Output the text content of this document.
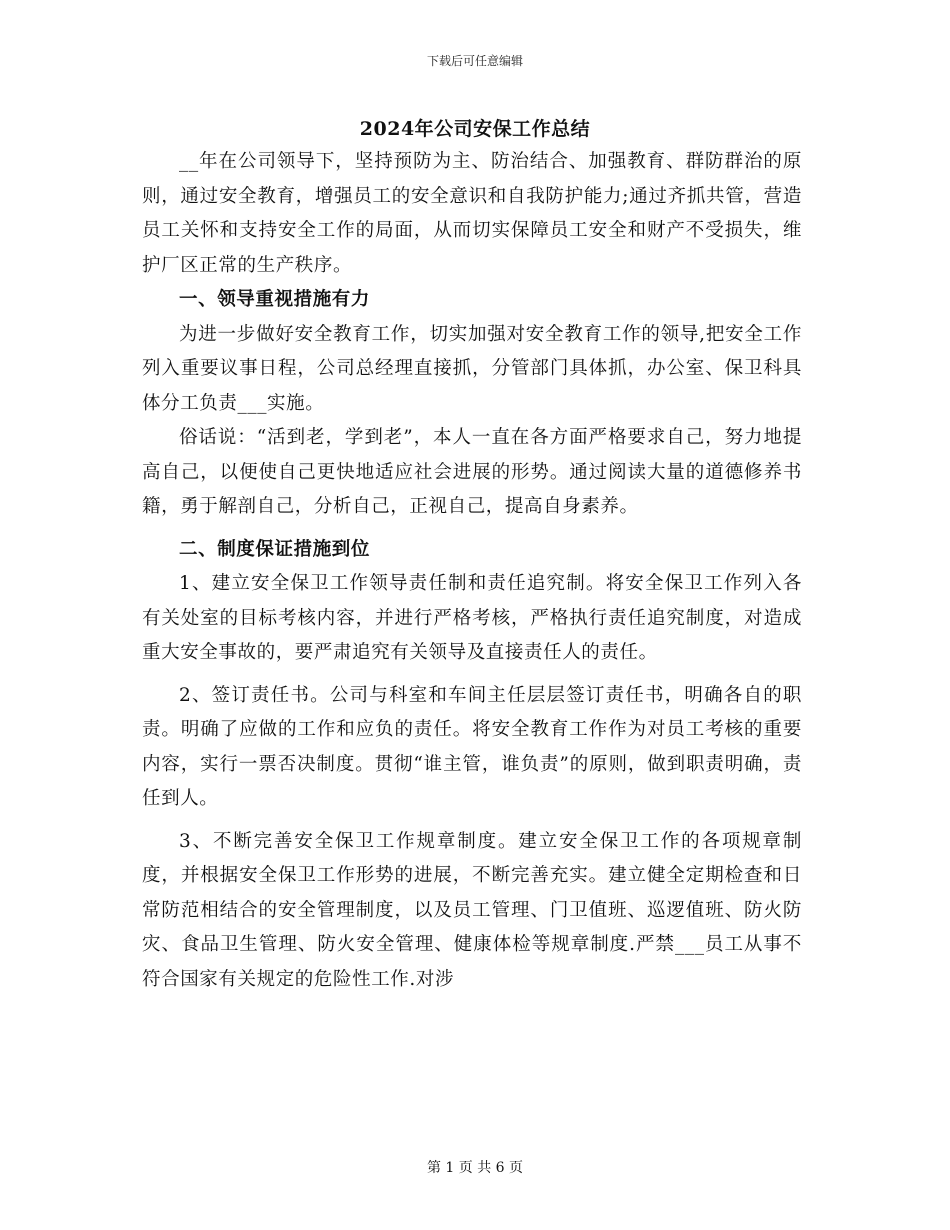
下载后可任意编辑
2024年公司安保工作总结

__年在公司领导下，坚持预防为主、防治结合、加强教育、群防群治的原则，通过安全教育，增强员工的安全意识和自我防护能力;通过齐抓共管，营造员工关怀和支持安全工作的局面，从而切实保障员工安全和财产不受损失，维护厂区正常的生产秩序。

一、领导重视措施有力

为进一步做好安全教育工作，切实加强对安全教育工作的领导,把安全工作列入重要议事日程，公司总经理直接抓，分管部门具体抓，办公室、保卫科具体分工负责___实施。

俗话说：“活到老，学到老”，本人一直在各方面严格要求自己，努力地提高自己，以便使自己更快地适应社会进展的形势。通过阅读大量的道德修养书籍，勇于解剖自己，分析自己，正视自己，提高自身素养。

二、制度保证措施到位

1、建立安全保卫工作领导责任制和责任追究制。将安全保卫工作列入各有关处室的目标考核内容，并进行严格考核，严格执行责任追究制度，对造成重大安全事故的，要严肃追究有关领导及直接责任人的责任。

2、签订责任书。公司与科室和车间主任层层签订责任书，明确各自的职责。明确了应做的工作和应负的责任。将安全教育工作作为对员工考核的重要内容，实行一票否决制度。贯彻“谁主管，谁负责”的原则，做到职责明确，责任到人。

3、不断完善安全保卫工作规章制度。建立安全保卫工作的各项规章制度，并根据安全保卫工作形势的进展，不断完善充实。建立健全定期检查和日常防范相结合的安全管理制度，以及员工管理、门卫值班、巡逻值班、防火防灾、食品卫生管理、防火安全管理、健康体检等规章制度.严禁___员工从事不符合国家有关规定的危险性工作.对涉

第 1 页 共 6 页
